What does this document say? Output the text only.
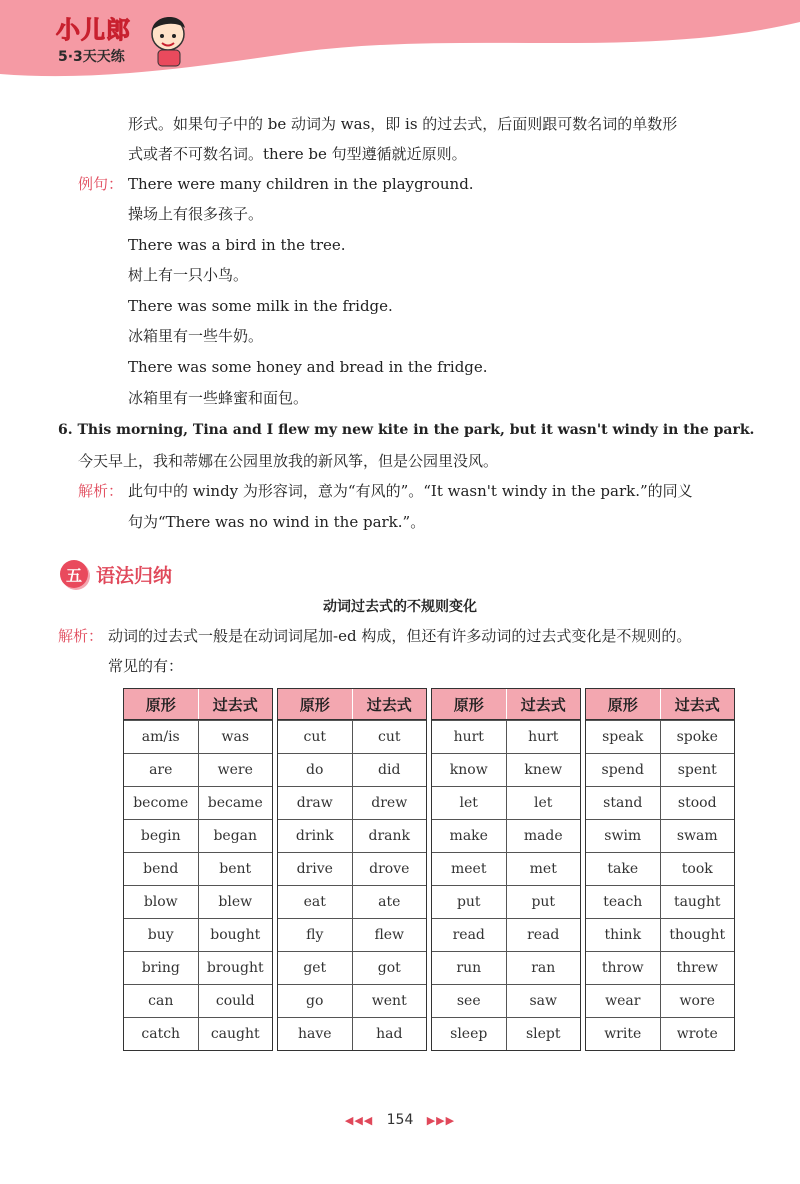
小儿郎
5·3天天练
形式。如果句子中的 be 动词为 was，即 is 的过去式，后面则跟可数名词的单数形
式或者不可数名词。there be 句型遵循就近原则。
例句： There were many children in the playground.
操场上有很多孩子。
There was a bird in the tree.
树上有一只小鸟。
There was some milk in the fridge.
冰箱里有一些牛奶。
There was some honey and bread in the fridge.
冰箱里有一些蜂蜜和面包。
6. This morning, Tina and I flew my new kite in the park, but it wasn't windy in the park.
今天早上，我和蒂娜在公园里放我的新风筝，但是公园里没风。
解析： 此句中的 windy 为形容词，意为“有风的”。“It wasn't windy in the park.”的同义
句为“There was no wind in the park.”。
五 语法归纳
动词过去式的不规则变化
解析： 动词的过去式一般是在动词词尾加-ed 构成，但还有许多动词的过去式变化是不规则的。
常见的有：
原形	过去式
am/is	was
are	were
become	became
begin	began
bend	bent
blow	blew
buy	bought
bring	brought
can	could
catch	caught
原形	过去式
cut	cut
do	did
draw	drew
drink	drank
drive	drove
eat	ate
fly	flew
get	got
go	went
have	had
原形	过去式
hurt	hurt
know	knew
let	let
make	made
meet	met
put	put
read	read
run	ran
see	saw
sleep	slept
原形	过去式
speak	spoke
spend	spent
stand	stood
swim	swam
take	took
teach	taught
think	thought
throw	threw
wear	wore
write	wrote
◀◀◀ 154 ▶▶▶
